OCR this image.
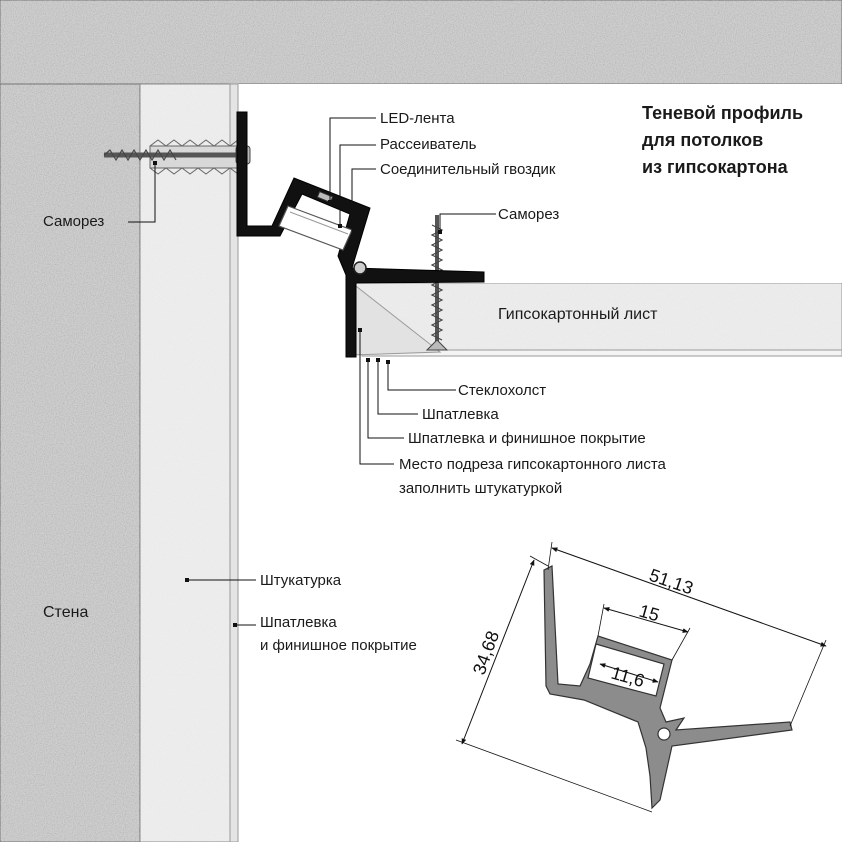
51,13
34,68
15
11,6
Теневой профиль
для потолков
из гипсокартона
LED-лента
Рассеиватель
Соединительный гвоздик
Саморез	Саморез
Гипсокартонный лист
Стеклохолст
Шпатлевка
Шпатлевка и финишное покрытие
Место подреза гипсокартонного листа
заполнить штукатуркой
Штукатурка
Шпатлевка
и финишное покрытие
Стена
